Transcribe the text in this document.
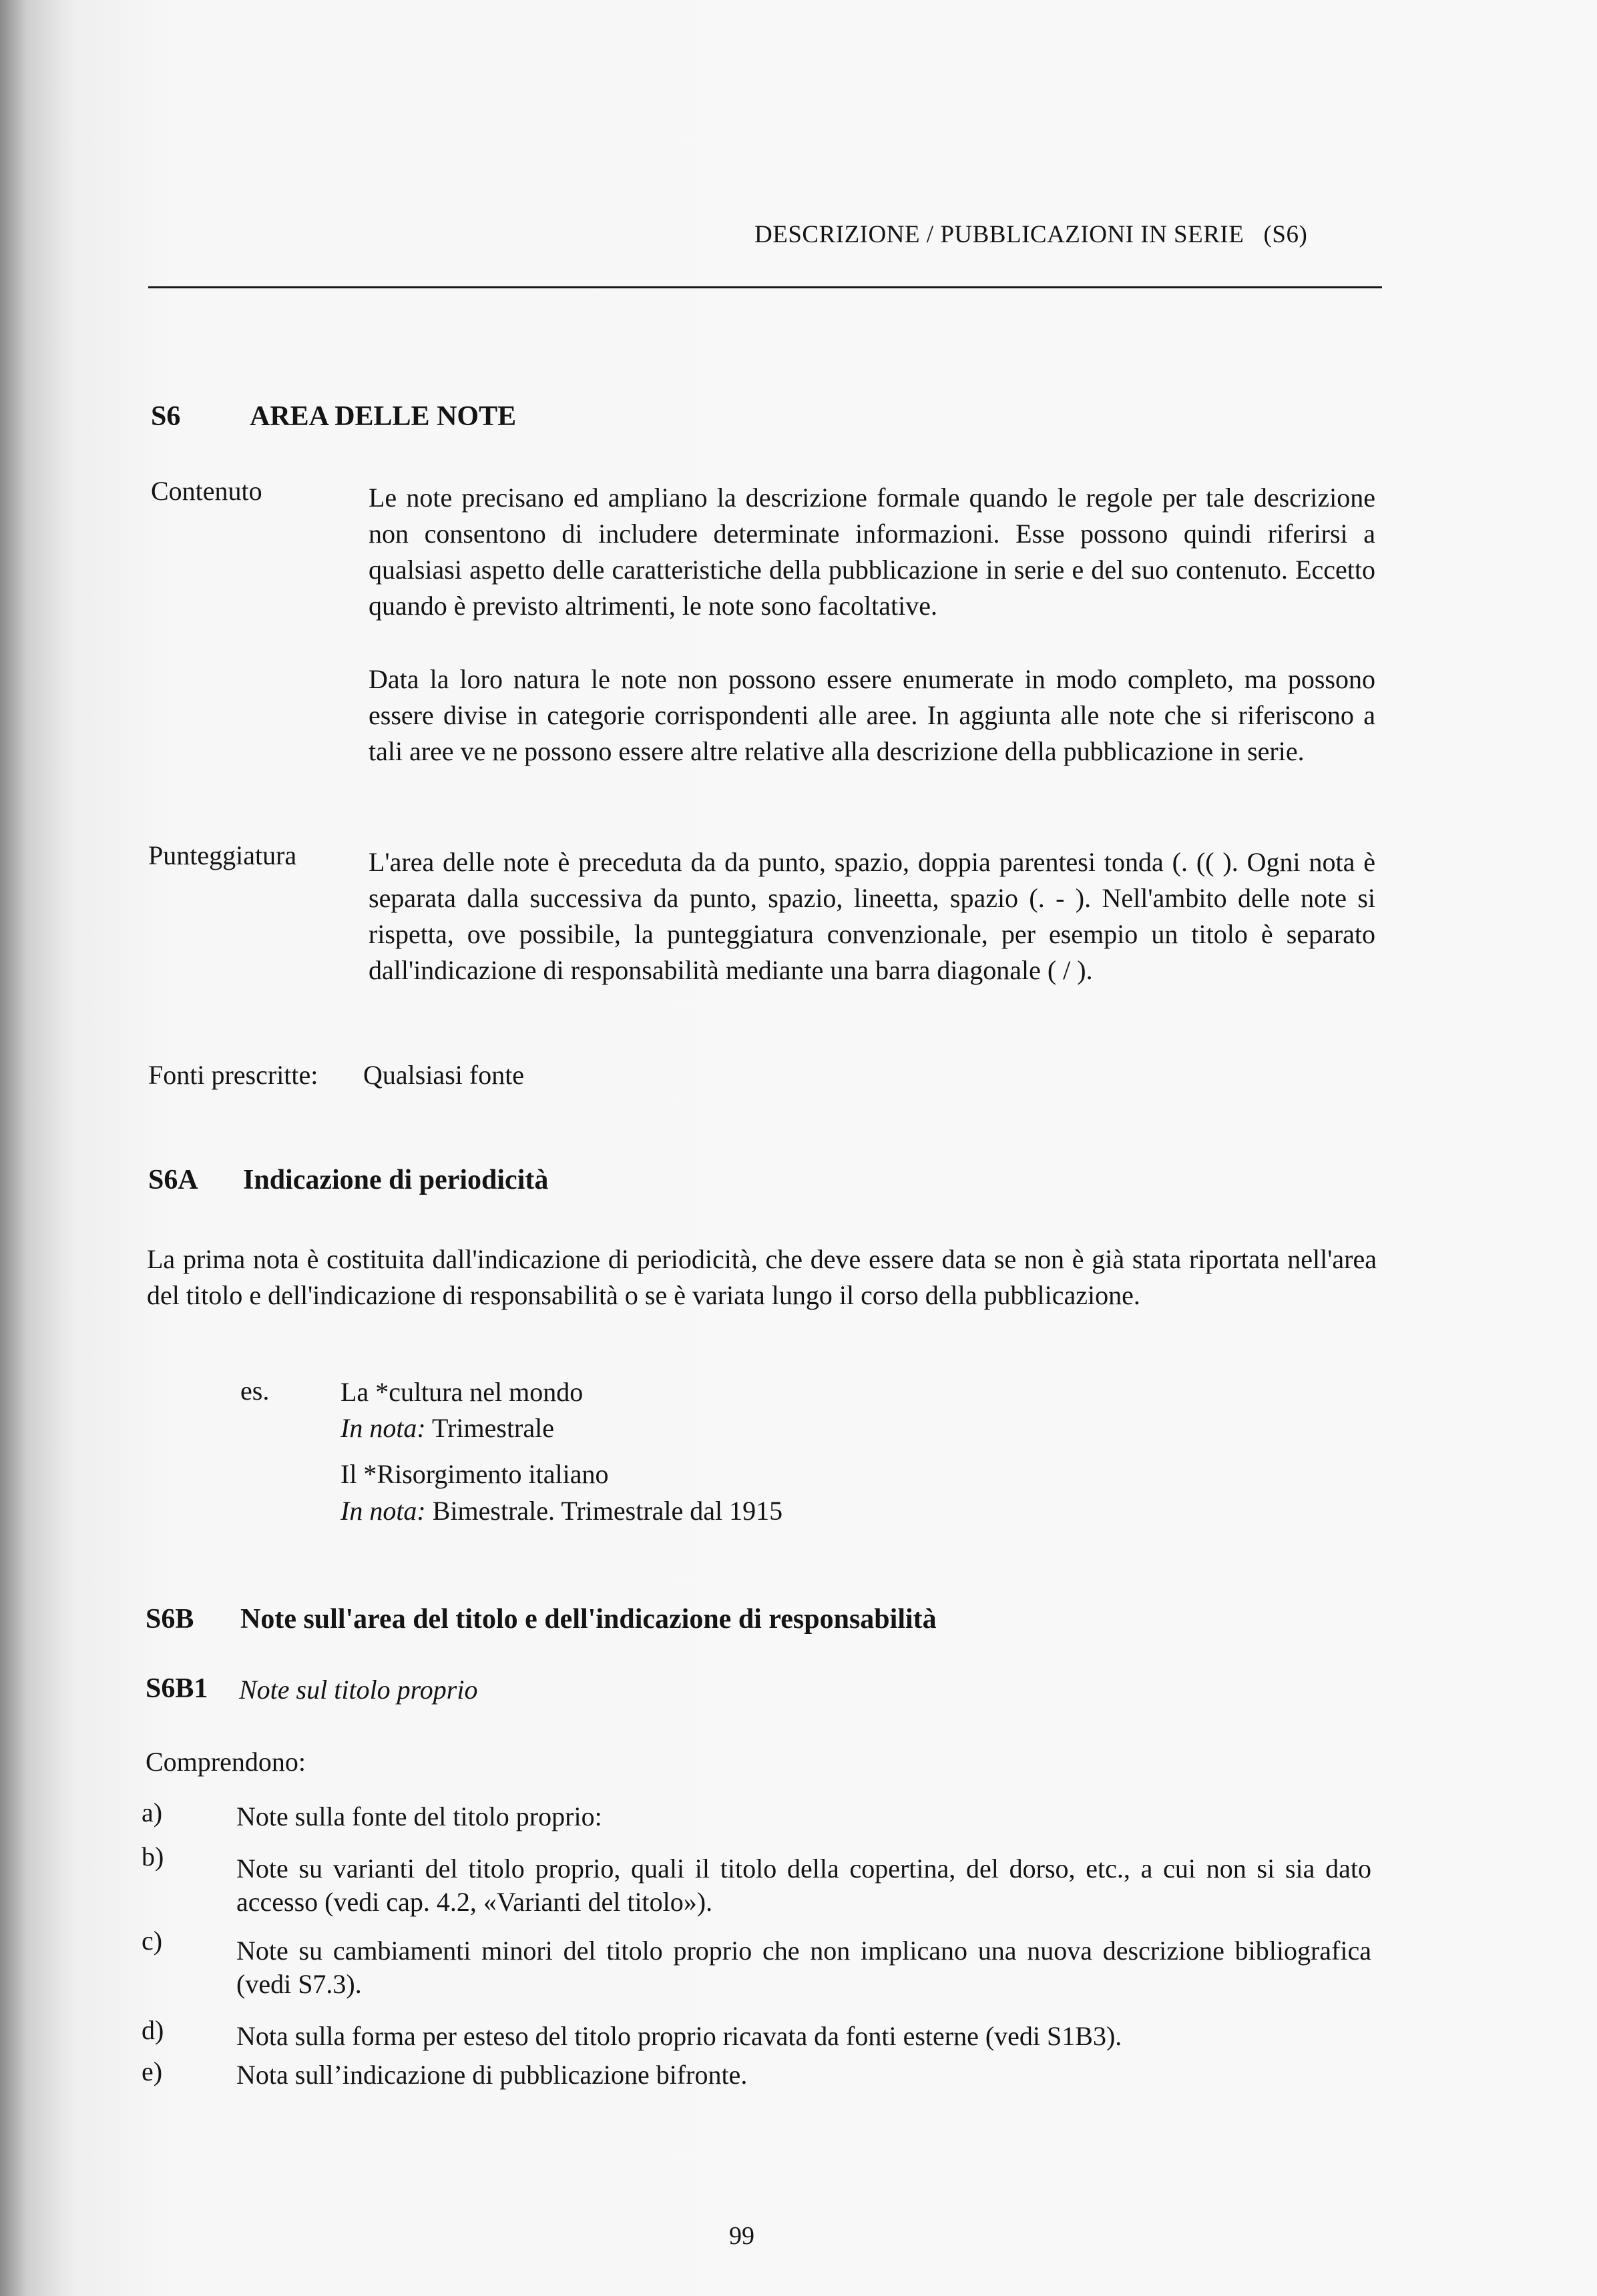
DESCRIZIONE / PUBBLICAZIONI IN SERIE   (S6)
S6 AREA DELLE NOTE
Contenuto	Le note precisano ed ampliano la descrizione formale quando le regole per tale descrizione non consentono di includere determinate informazioni. Esse possono quindi riferirsi a qualsiasi aspetto delle caratteristiche della pubblicazione in serie e del suo contenuto. Eccetto quando è previsto altrimenti, le note sono facoltative.
Data la loro natura le note non possono essere enumerate in modo completo, ma possono essere divise in categorie corrispondenti alle aree. In aggiunta alle note che si riferiscono a tali aree ve ne possono essere altre relative alla descrizione della pubblicazione in serie.
Punteggiatura	L'area delle note è preceduta da da punto, spazio, doppia parentesi tonda (. (( ). Ogni nota è separata dalla successiva da punto, spazio, lineetta, spazio (. - ). Nell'ambito delle note si rispetta, ove possibile, la punteggiatura convenzionale, per esempio un titolo è separato dall'indicazione di responsabilità mediante una barra diagonale ( / ).
Fonti prescritte: Qualsiasi fonte
S6A Indicazione di periodicità
La prima nota è costituita dall'indicazione di periodicità, che deve essere data se non è già stata riportata nell'area del titolo e dell'indicazione di responsabilità o se è variata lungo il corso della pubblicazione.
es.	La *cultura nel mondo
In nota: Trimestrale
Il *Risorgimento italiano
In nota: Bimestrale. Trimestrale dal 1915
S6B Note sull'area del titolo e dell'indicazione di responsabilità
S6B1 Note sul titolo proprio
Comprendono:
a)	Note sulla fonte del titolo proprio:
b)	Note su varianti del titolo proprio, quali il titolo della copertina, del dorso, etc., a cui non si sia dato accesso (vedi cap. 4.2, «Varianti del titolo»).
c)	Note su cambiamenti minori del titolo proprio che non implicano una nuova descrizione bibliografica (vedi S7.3).
d)	Nota sulla forma per esteso del titolo proprio ricavata da fonti esterne (vedi S1B3).
e)	Nota sull’indicazione di pubblicazione bifronte.
99
